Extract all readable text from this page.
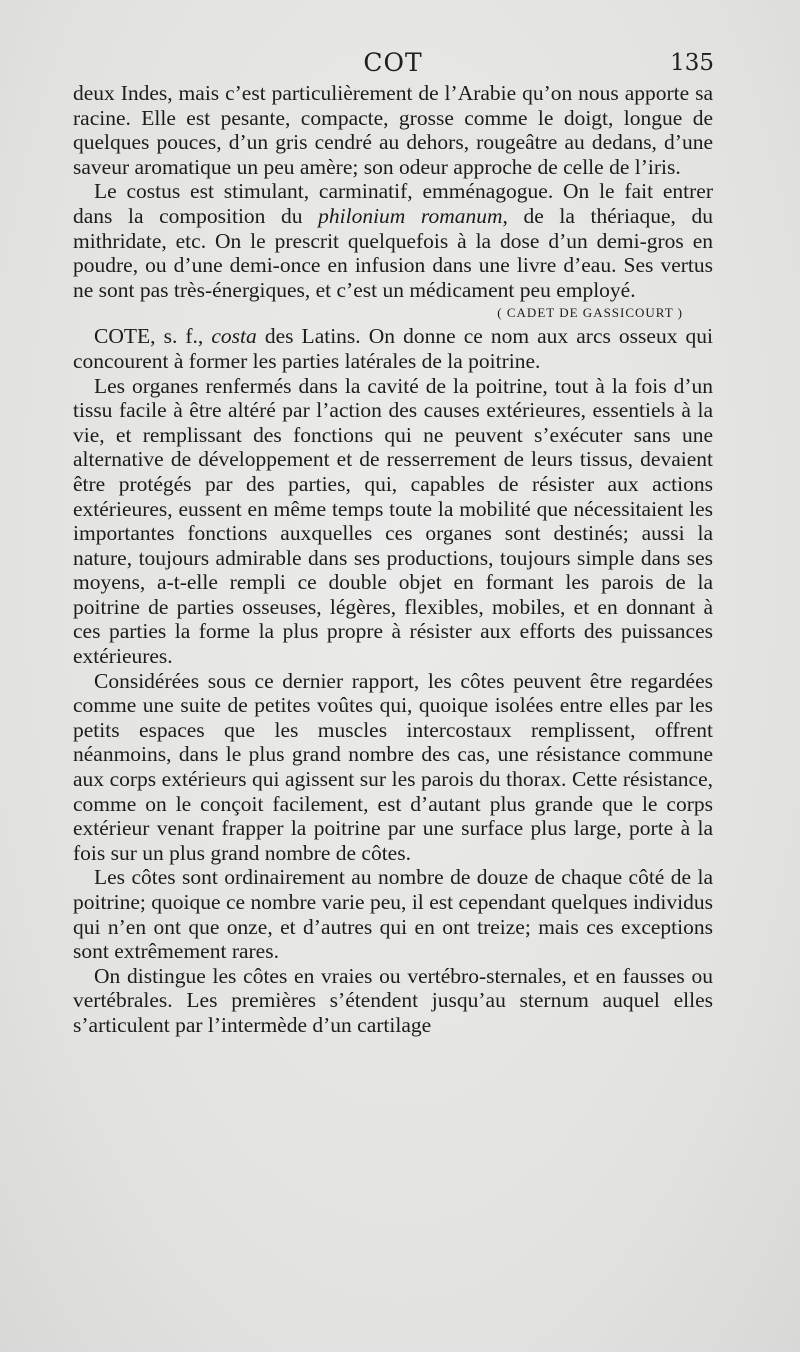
COT	135

deux Indes, mais c’est particulièrement de l’Arabie qu’on nous apporte sa racine. Elle est pesante, compacte, grosse comme le doigt, longue de quelques pouces, d’un gris cendré au dehors, rougeâtre au dedans, d’une saveur aromatique un peu amère; son odeur approche de celle de l’iris.

Le costus est stimulant, carminatif, emménagogue. On le fait entrer dans la composition du philonium romanum, de la thériaque, du mithridate, etc. On le prescrit quelquefois à la dose d’un demi-gros en poudre, ou d’une demi-once en infusion dans une livre d’eau. Ses vertus ne sont pas très-énergiques, et c’est un médicament peu employé.

( CADET DE GASSICOURT )

COTE, s. f., costa des Latins. On donne ce nom aux arcs osseux qui concourent à former les parties latérales de la poitrine.

Les organes renfermés dans la cavité de la poitrine, tout à la fois d’un tissu facile à être altéré par l’action des causes extérieures, essentiels à la vie, et remplissant des fonctions qui ne peuvent s’exécuter sans une alternative de développement et de resserrement de leurs tissus, devaient être protégés par des parties, qui, capables de résister aux actions extérieures, eussent en même temps toute la mobilité que nécessitaient les importantes fonctions auxquelles ces organes sont destinés; aussi la nature, toujours admirable dans ses productions, toujours simple dans ses moyens, a-t-elle rempli ce double objet en formant les parois de la poitrine de parties osseuses, légères, flexibles, mobiles, et en donnant à ces parties la forme la plus propre à résister aux efforts des puissances extérieures.

Considérées sous ce dernier rapport, les côtes peuvent être regardées comme une suite de petites voûtes qui, quoique isolées entre elles par les petits espaces que les muscles intercostaux remplissent, offrent néanmoins, dans le plus grand nombre des cas, une résistance commune aux corps extérieurs qui agissent sur les parois du thorax. Cette résistance, comme on le conçoit facilement, est d’autant plus grande que le corps extérieur venant frapper la poitrine par une surface plus large, porte à la fois sur un plus grand nombre de côtes.

Les côtes sont ordinairement au nombre de douze de chaque côté de la poitrine; quoique ce nombre varie peu, il est cependant quelques individus qui n’en ont que onze, et d’autres qui en ont treize; mais ces exceptions sont extrêmement rares.

On distingue les côtes en vraies ou vertébro-sternales, et en fausses ou vertébrales. Les premières s’étendent jusqu’au sternum auquel elles s’articulent par l’intermède d’un cartilage
